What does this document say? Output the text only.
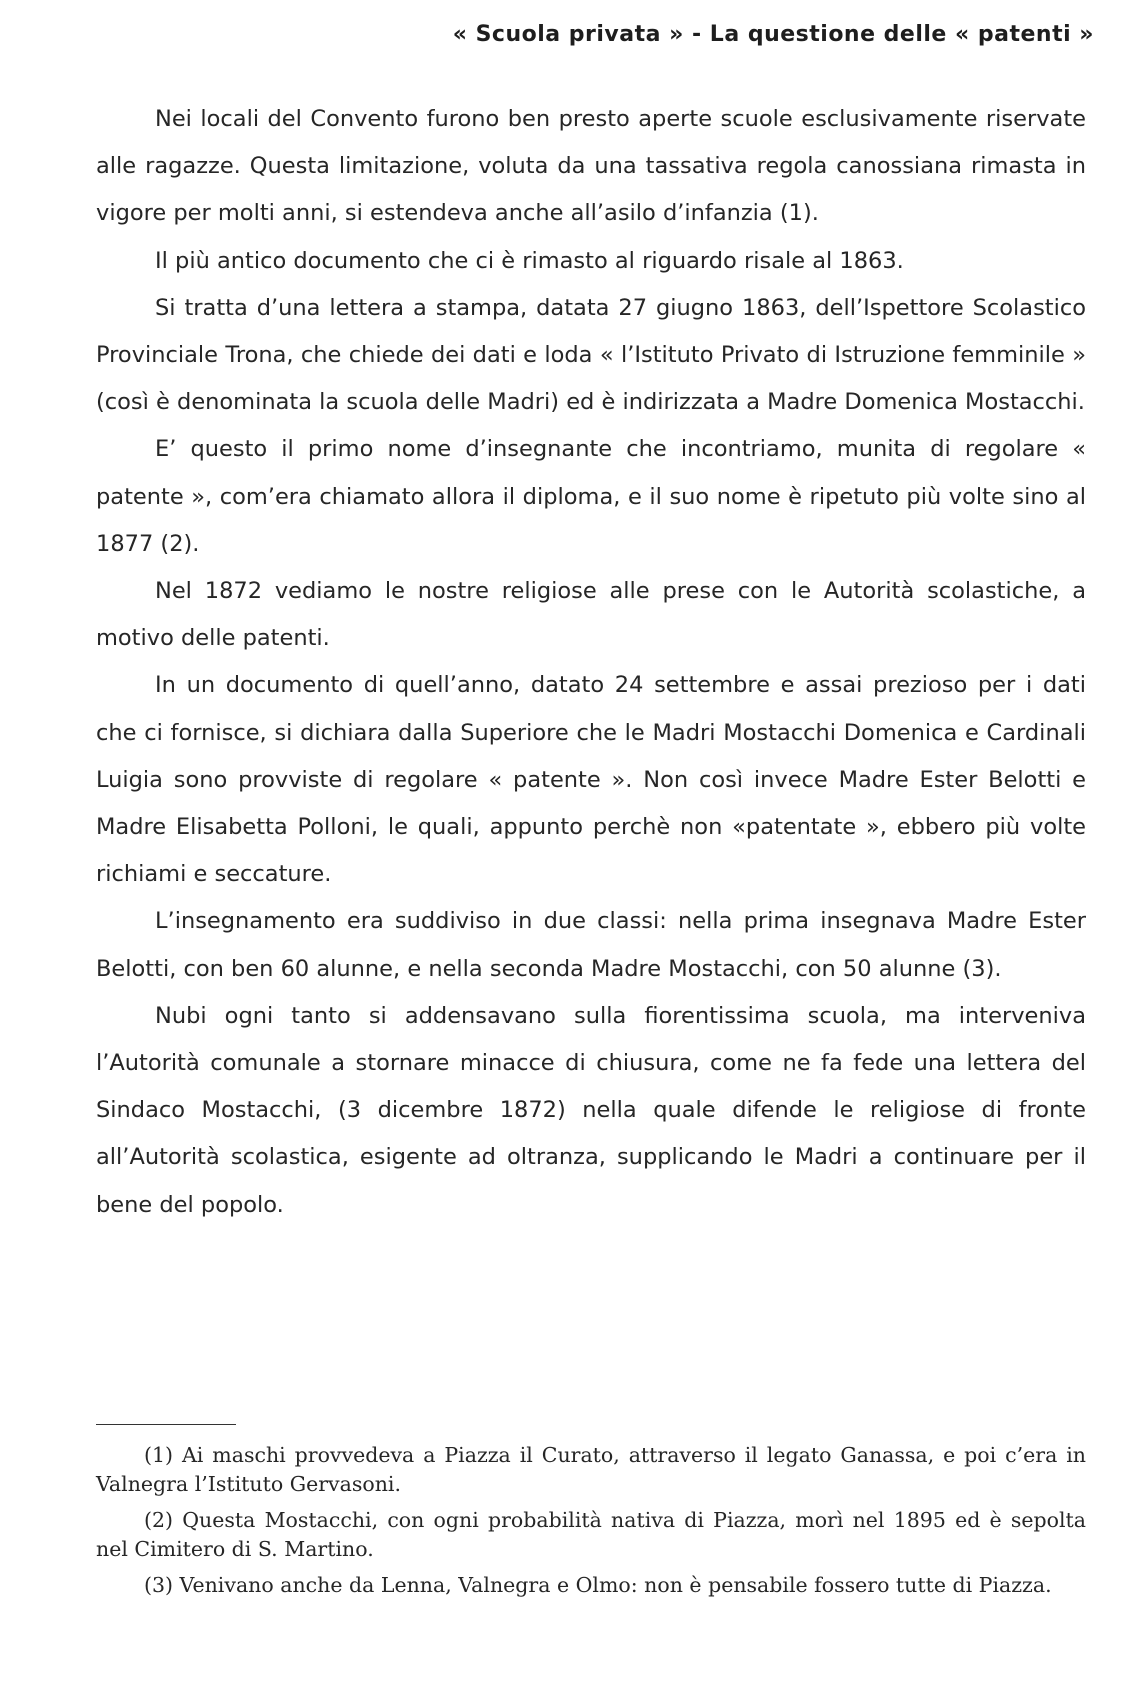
« Scuola privata » - La questione delle « patenti »

Nei locali del Convento furono ben presto aperte scuole esclusivamente riservate alle ragazze. Questa limitazione, voluta da una tassativa regola canossiana rimasta in vigore per molti anni, si estendeva anche all’asilo d’infanzia (1).

Il più antico documento che ci è rimasto al riguardo risale al 1863.

Si tratta d’una lettera a stampa, datata 27 giugno 1863, dell’Ispettore Scolastico Provinciale Trona, che chiede dei dati e loda « l’Istituto Privato di Istruzione femminile » (così è denominata la scuola delle Madri) ed è indirizzata a Madre Domenica Mostacchi.

E’ questo il primo nome d’insegnante che incontriamo, munita di regolare « patente », com’era chiamato allora il diploma, e il suo nome è ripetuto più volte sino al 1877 (2).

Nel 1872 vediamo le nostre religiose alle prese con le Autorità scolastiche, a motivo delle patenti.

In un documento di quell’anno, datato 24 settembre e assai prezioso per i dati che ci fornisce, si dichiara dalla Superiore che le Madri Mostacchi Domenica e Cardinali Luigia sono provviste di regolare « patente ». Non così invece Madre Ester Belotti e Madre Elisabetta Polloni, le quali, appunto perchè non «patentate », ebbero più volte richiami e seccature.

L’insegnamento era suddiviso in due classi: nella prima insegnava Madre Ester Belotti, con ben 60 alunne, e nella seconda Madre Mostacchi, con 50 alunne (3).

Nubi ogni tanto si addensavano sulla fiorentissima scuola, ma interveniva l’Autorità comunale a stornare minacce di chiusura, come ne fa fede una lettera del Sindaco Mostacchi, (3 dicembre 1872) nella quale difende le religiose di fronte all’Autorità scolastica, esigente ad oltranza, supplicando le Madri a continuare per il bene del popolo.

(1) Ai maschi provvedeva a Piazza il Curato, attraverso il legato Ganassa, e poi c’era in Valnegra l’Istituto Gervasoni.

(2) Questa Mostacchi, con ogni probabilità nativa di Piazza, morì nel 1895 ed è sepolta nel Cimitero di S. Martino.

(3) Venivano anche da Lenna, Valnegra e Olmo: non è pensabile fossero tutte di Piazza.
